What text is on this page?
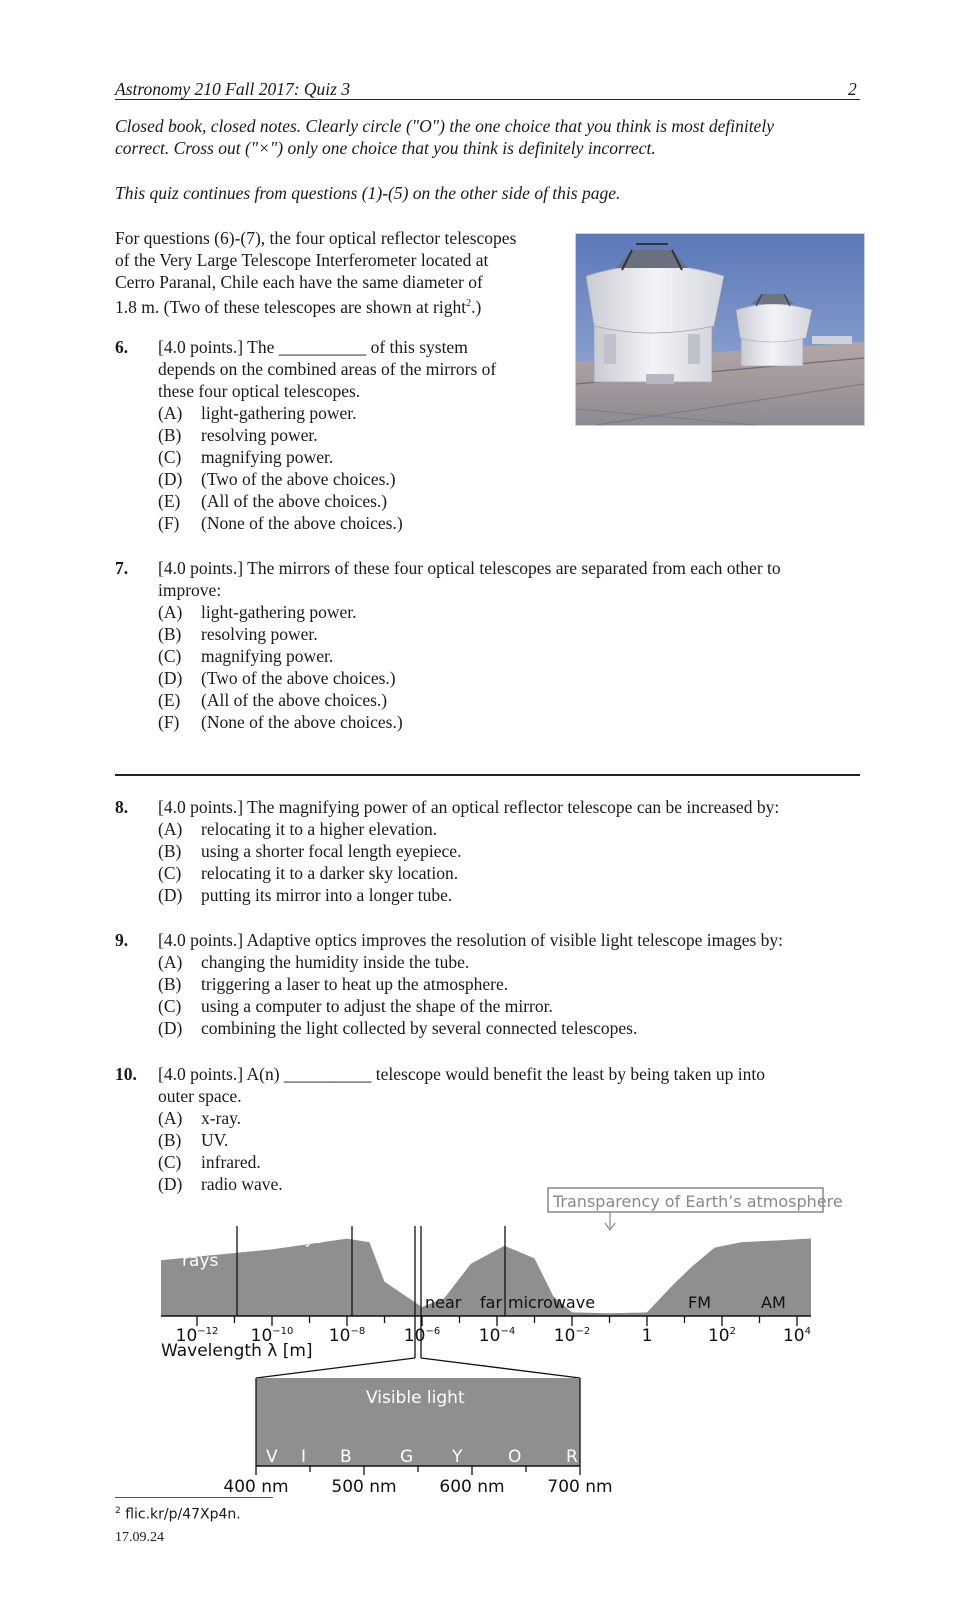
Astronomy 210 Fall 2017: Quiz 3	2
Closed book, closed notes. Clearly circle ("O") the one choice that you think is most definitely
correct. Cross out ("×") only one choice that you think is definitely incorrect.
This quiz continues from questions (1)-(5) on the other side of this page.
For questions (6)-(7), the four optical reflector telescopes
of the Very Large Telescope Interferometer located at
Cerro Paranal, Chile each have the same diameter of
1.8 m. (Two of these telescopes are shown at right$^2$.)
6. [4.0 points.] The __________ of this system
depends on the combined areas of the mirrors of
these four optical telescopes.
(A) light-gathering power.
(B) resolving power.
(C) magnifying power.
(D) (Two of the above choices.)
(E) (All of the above choices.)
(F) (None of the above choices.)
7. [4.0 points.] The mirrors of these four optical telescopes are separated from each other to
improve:
(A) light-gathering power.
(B) resolving power.
(C) magnifying power.
(D) (Two of the above choices.)
(E) (All of the above choices.)
(F) (None of the above choices.)
8. [4.0 points.] The magnifying power of an optical reflector telescope can be increased by:
(A) relocating it to a higher elevation.
(B) using a shorter focal length eyepiece.
(C) relocating it to a darker sky location.
(D) putting its mirror into a longer tube.
9. [4.0 points.] Adaptive optics improves the resolution of visible light telescope images by:
(A) changing the humidity inside the tube.
(B) triggering a laser to heat up the atmosphere.
(C) using a computer to adjust the shape of the mirror.
(D) combining the light collected by several connected telescopes.
10. [4.0 points.] A(n) __________ telescope would benefit the least by being taken up into
outer space.
(A) x-ray.
(B) UV.
(C) infrared.
(D) radio wave.
Transparency of Earth’s atmosphere
Gamma
rays
X rays	UV Infrared	Radio waves
near far microwave TV FM	AM
$10^{-12}$ $10^{-10}$ $10^{-8}$ $10^{-6}$ $10^{-4}$ $10^{-2}$	1	$10^2$	$10^4$
Wavelength λ [m]
Visible light
V I B	G Y	O	R
400 nm	500 nm	600 nm	700 nm
$^2$ flic.kr/p/47Xp4n.
17.09.24
